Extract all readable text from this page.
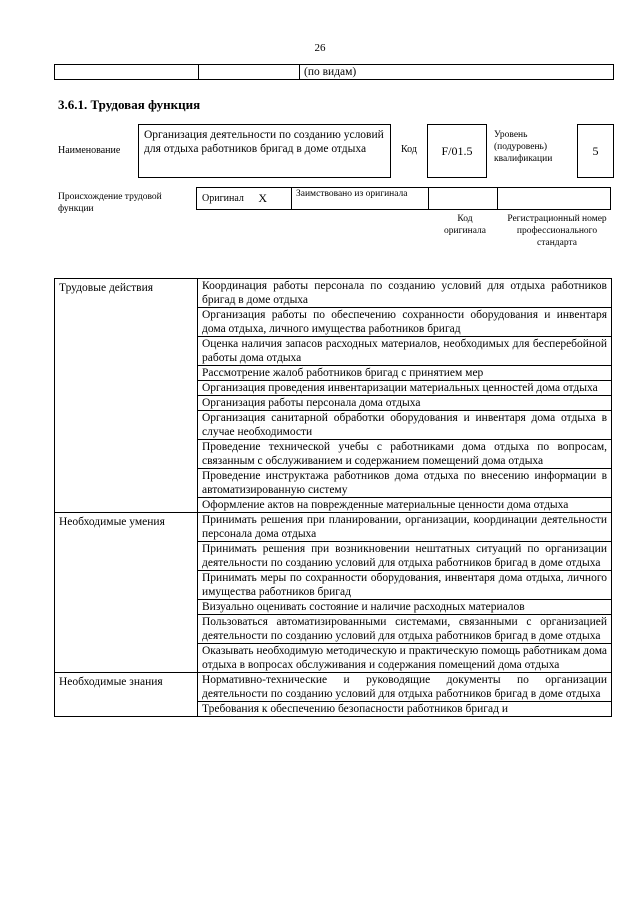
26
(по видам)
3.6.1. Трудовая функция
Наименование
Организация деятельности по созданию условий для отдыха работников бригад в доме отдыха	Код	F/01.5
Уровень (подуровень) квалификации
5
Происхождение трудовой функции
Оригинал X	Заимствовано из оригинала
Код оригинала
Регистрационный номер профессионального стандарта
Трудовые действия	Координация работы персонала по созданию условий для отдыха работников бригад в доме отдыха
	Организация работы по обеспечению сохранности оборудования и инвентаря дома отдыха, личного имущества работников бригад
	Оценка наличия запасов расходных материалов, необходимых для бесперебойной работы дома отдыха
	Рассмотрение жалоб работников бригад с принятием мер
	Организация проведения инвентаризации материальных ценностей дома отдыха
	Организация работы персонала дома отдыха
	Организация санитарной обработки оборудования и инвентаря дома отдыха в случае необходимости
	Проведение технической учебы с работниками дома отдыха по вопросам, связанным с обслуживанием и содержанием помещений дома отдыха
	Проведение инструктажа работников дома отдыха по внесению информации в автоматизированную систему
	Оформление актов на поврежденные материальные ценности дома отдыха
Необходимые умения	Принимать решения при планировании, организации, координации деятельности персонала дома отдыха
	Принимать решения при возникновении нештатных ситуаций по организации деятельности по созданию условий для отдыха работников бригад в доме отдыха
	Принимать меры по сохранности оборудования, инвентаря дома отдыха, личного имущества работников бригад
	Визуально оценивать состояние и наличие расходных материалов
	Пользоваться автоматизированными системами, связанными с организацией деятельности по созданию условий для отдыха работников бригад в доме отдыха
	Оказывать необходимую методическую и практическую помощь работникам дома отдыха в вопросах обслуживания и содержания помещений дома отдыха
Необходимые знания	Нормативно-технические и руководящие документы по организации деятельности по созданию условий для отдыха работников бригад в доме отдыха
	Требования к обеспечению безопасности работников бригад и
